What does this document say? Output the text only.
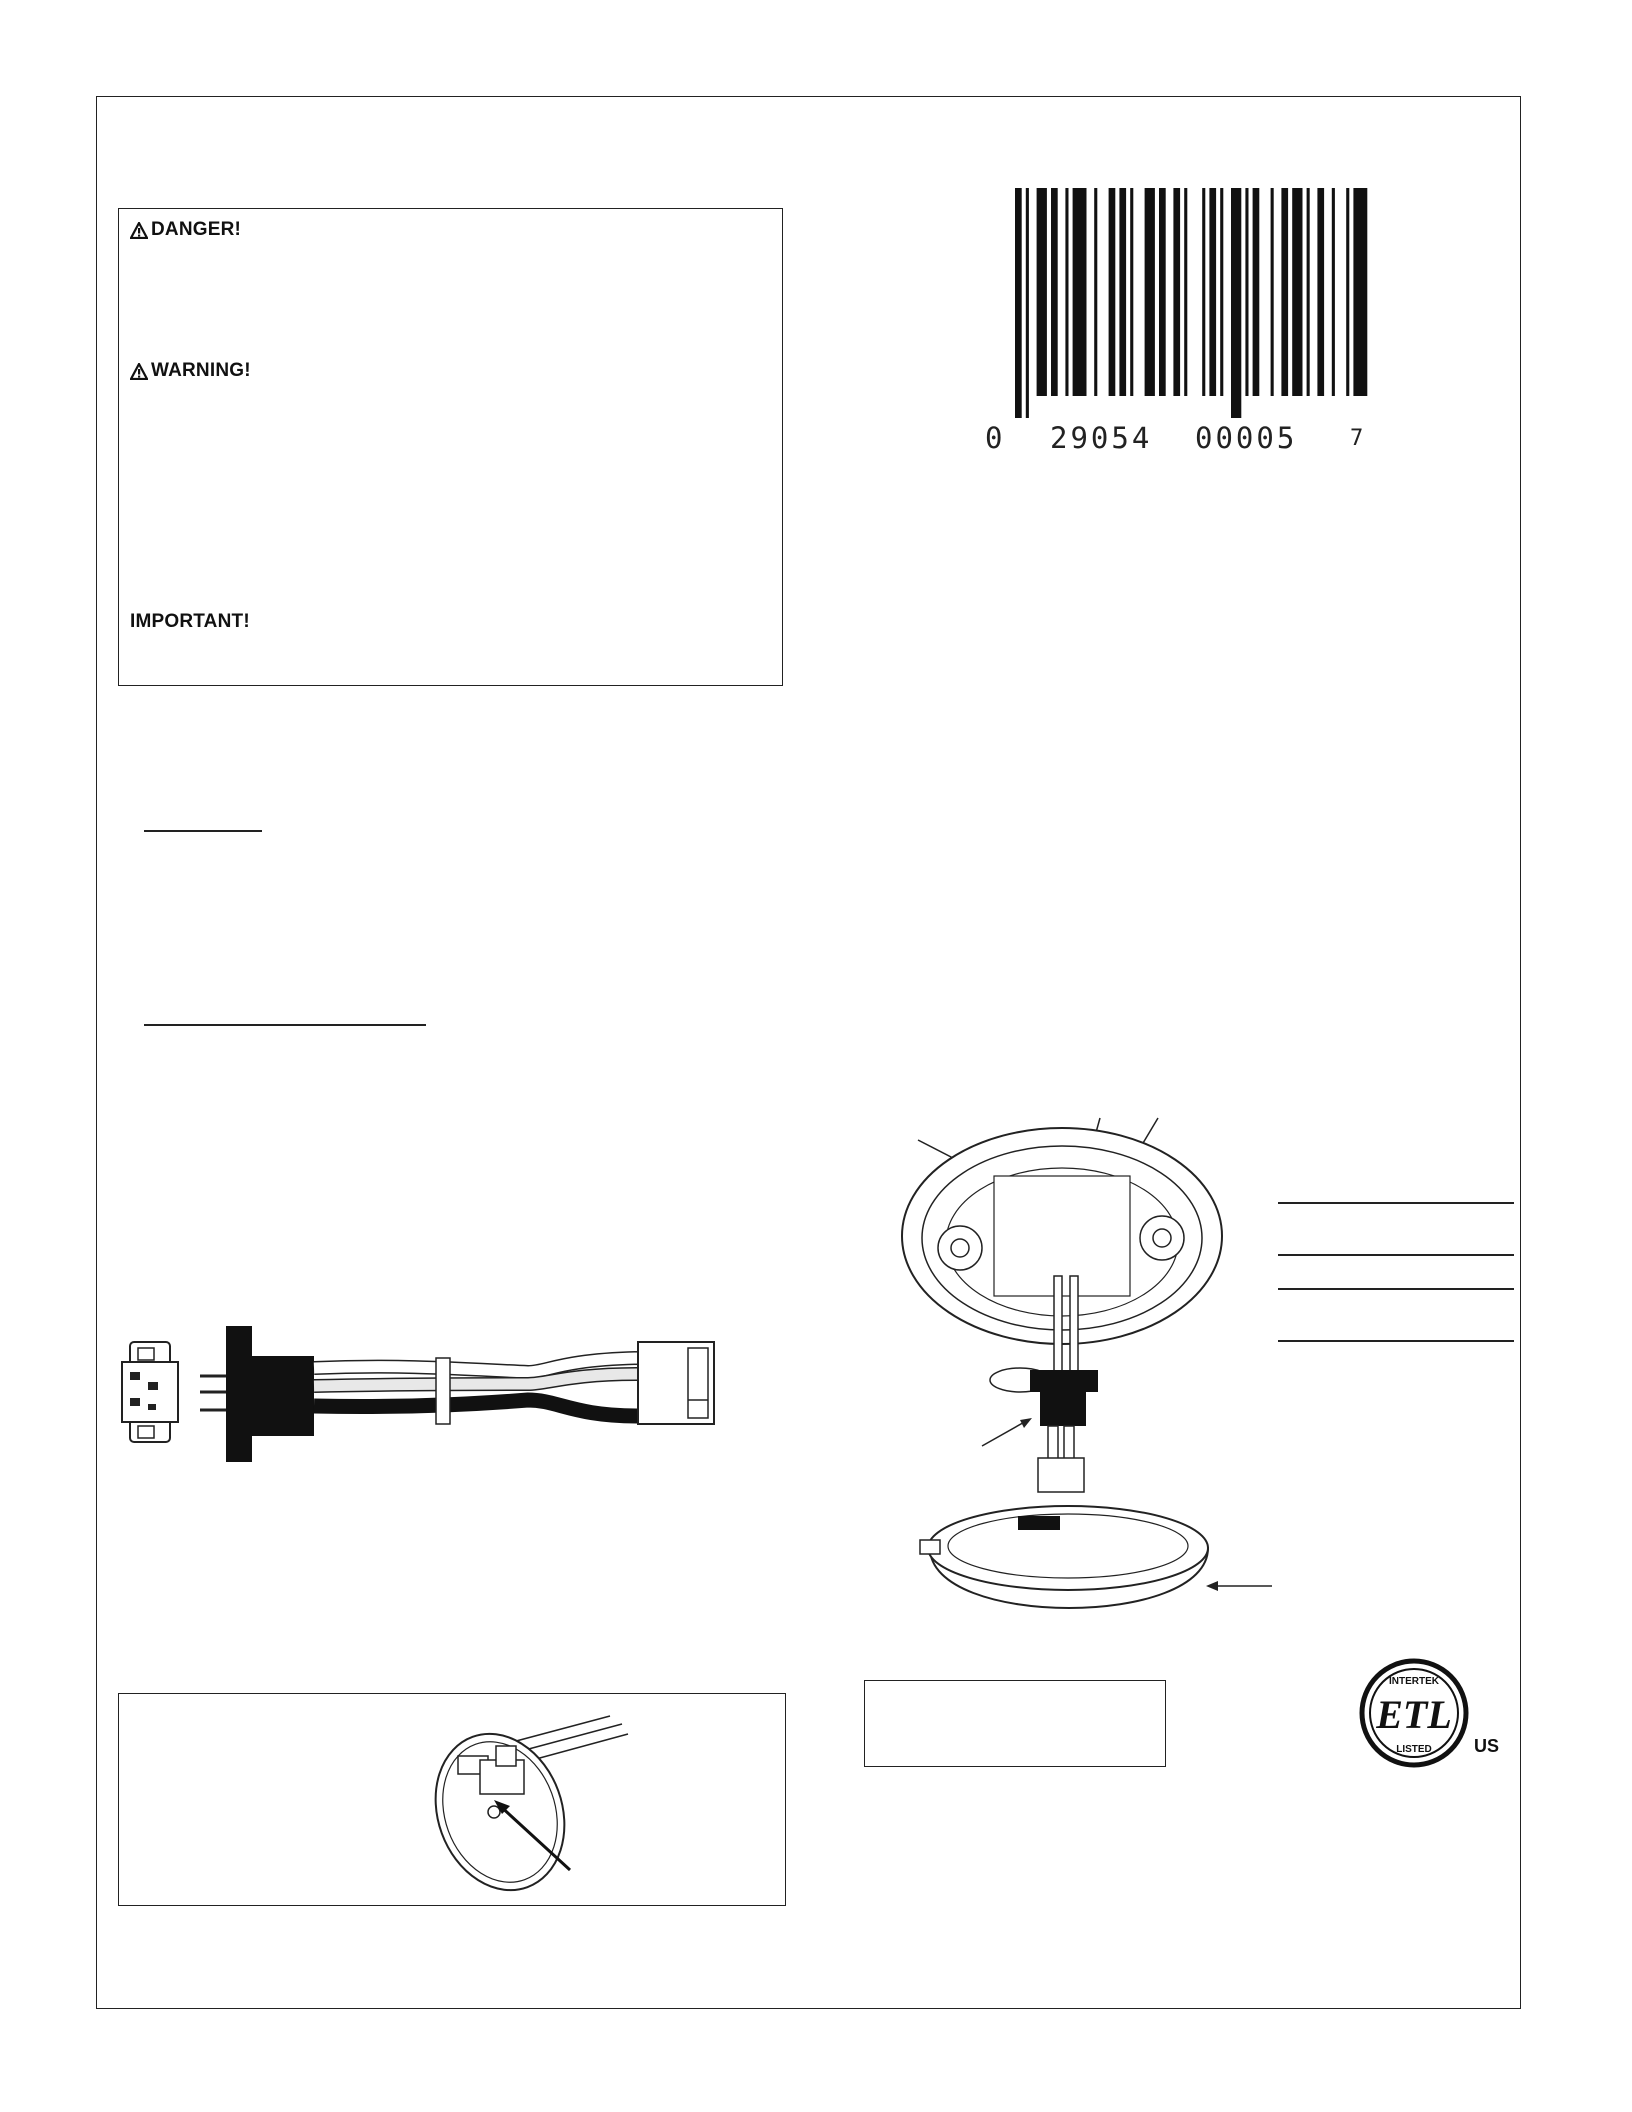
DANGER!
WARNING!
IMPORTANT!
0 29054 00005 7
INTERTEK
LISTED
ETL
US
